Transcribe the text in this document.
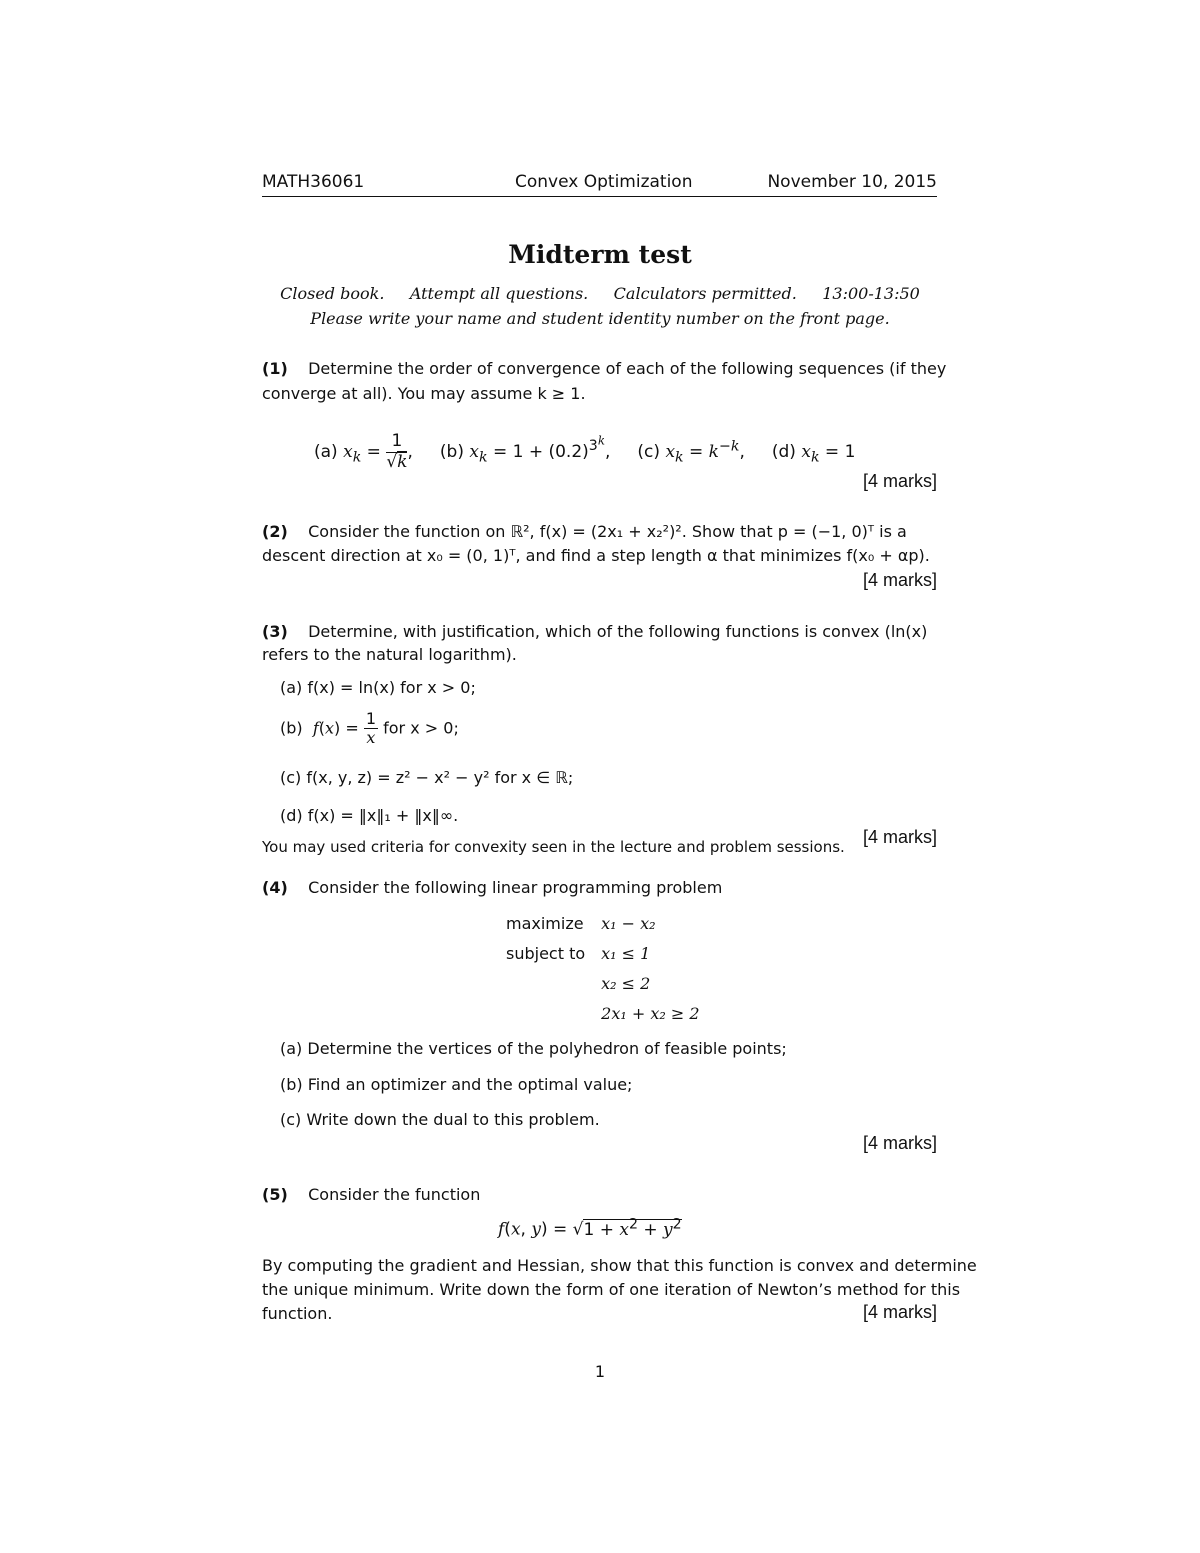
MATH36061	Convex Optimization	November 10, 2015
Midterm test
Closed book.     Attempt all questions.     Calculators permitted.     13:00-13:50
Please write your name and student identity number on the front page.
(1) Determine the order of convergence of each of the following sequences (if they
converge at all). You may assume k ≥ 1.
(a) $x_k = \frac{1}{√k}$ ,     (b) $x_k = 1 + (0.2)^{3^k}$,     (c) $x_k = k^{-k}$,     (d) $x_k = 1$
[4 marks]
(2) Consider the function on ℝ², f(x) = (2x₁ + x₂²)². Show that p = (−1, 0)ᵀ is a
descent direction at x₀ = (0, 1)ᵀ, and find a step length α that minimizes f(x₀ + αp).
[4 marks]
(3) Determine, with justification, which of the following functions is convex (ln(x)
refers to the natural logarithm).
(a) f(x) = ln(x) for x > 0;
(b) $f(x) = \frac{1}{x}$ for x > 0;
(c) f(x, y, z) = z² − x² − y² for x ∈ ℝ;
(d) f(x) = ‖x‖₁ + ‖x‖∞.
You may used criteria for convexity seen in the lecture and problem sessions. [4 marks]
(4) Consider the following linear programming problem
maximize	x₁ − x₂
subject to	x₁ ≤ 1
	x₂ ≤ 2
	2x₁ + x₂ ≥ 2
(a) Determine the vertices of the polyhedron of feasible points;
(b) Find an optimizer and the optimal value;
(c) Write down the dual to this problem.
[4 marks]
(5) Consider the function
f(x, $y) = √1 + x^2 + y^2$
By computing the gradient and Hessian, show that this function is convex and determine
the unique minimum. Write down the form of one iteration of Newton’s method for this
function.	[4 marks]
1
